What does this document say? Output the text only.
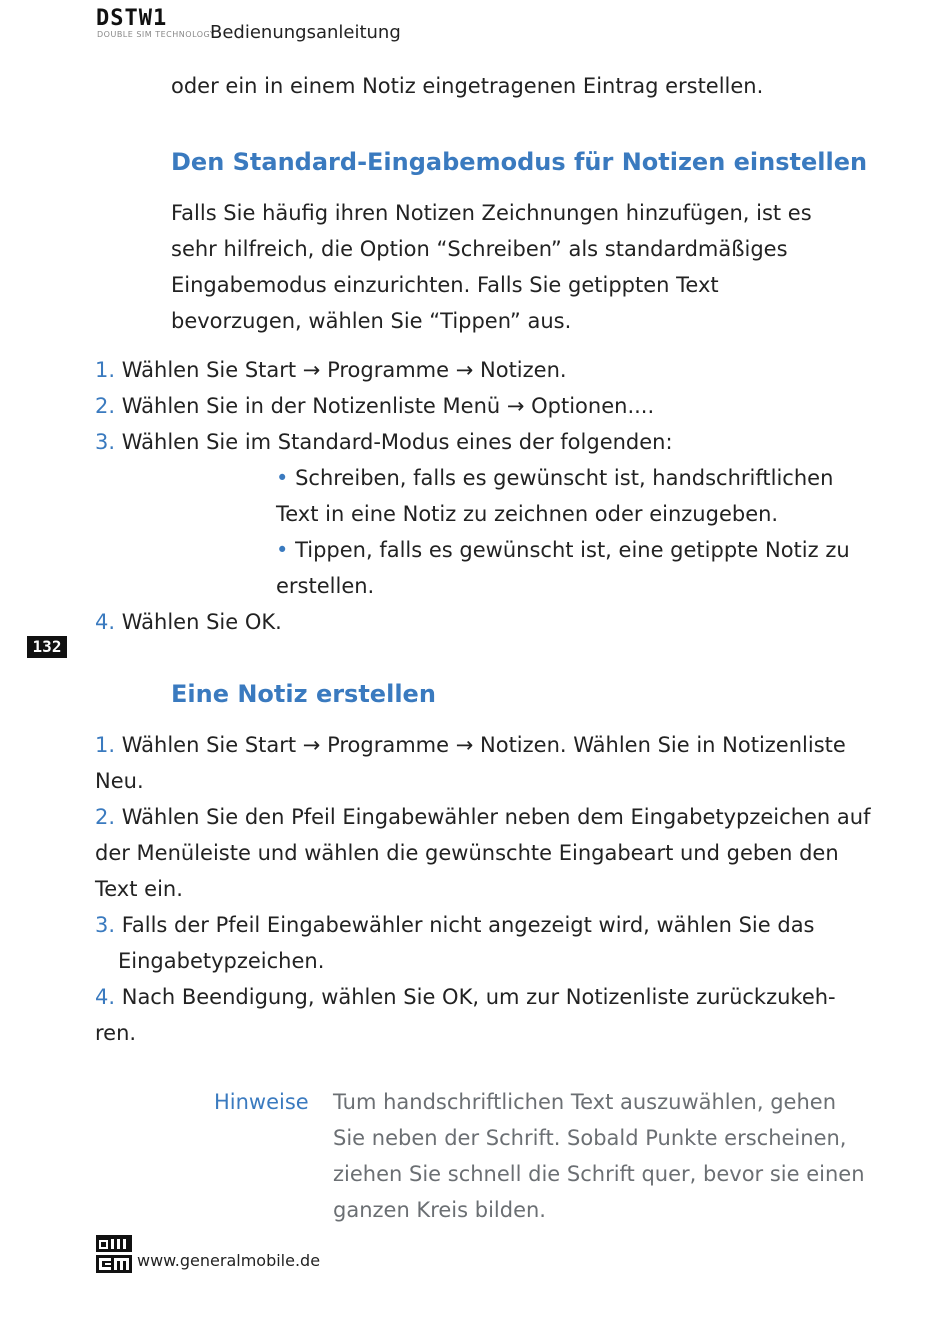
DSTW1
DOUBLE SIM TECHNOLOGY
Bedienungsanleitung
oder ein in einem Notiz eingetragenen Eintrag erstellen.
Den Standard-Eingabemodus für Notizen einstellen
Falls Sie häufig ihren Notizen Zeichnungen hinzufügen, ist es
sehr hilfreich, die Option “Schreiben” als standardmäßiges
Eingabemodus einzurichten. Falls Sie getippten Text
bevorzugen, wählen Sie “Tippen” aus.
1. Wählen Sie Start → Programme → Notizen.
2. Wählen Sie in der Notizenliste Menü → Optionen....
3. Wählen Sie im Standard-Modus eines der folgenden:
• Schreiben, falls es gewünscht ist, handschriftlichen
Text in eine Notiz zu zeichnen oder einzugeben.
• Tippen, falls es gewünscht ist, eine getippte Notiz zu
erstellen.
4. Wählen Sie OK.
132
Eine Notiz erstellen
1. Wählen Sie Start → Programme → Notizen. Wählen Sie in Notizenliste
Neu.
2. Wählen Sie den Pfeil Eingabewähler neben dem Eingabetypzeichen auf
der Menüleiste und wählen die gewünschte Eingabeart und geben den
Text ein.
3. Falls der Pfeil Eingabewähler nicht angezeigt wird, wählen Sie das
Eingabetypzeichen.
4. Nach Beendigung, wählen Sie OK, um zur Notizenliste zurückzukeh-
ren.
Hinweise Tum handschriftlichen Text auszuwählen, gehen
Sie neben der Schrift. Sobald Punkte erscheinen,
ziehen Sie schnell die Schrift quer, bevor sie einen
ganzen Kreis bilden.
www.generalmobile.de
